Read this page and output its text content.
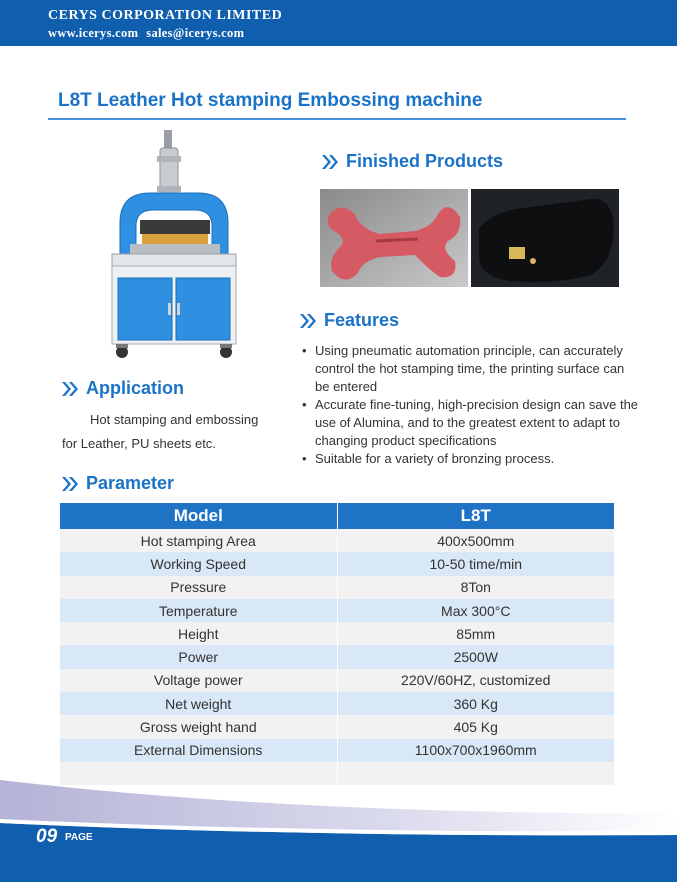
CERYS CORPORATION LIMITED
www.icerys.com sales@icerys.com
L8T Leather Hot stamping Embossing machine
Finished Products
Features
• Using pneumatic automation principle, can accurately control the hot stamping time, the printing surface can be entered
• Accurate fine-tuning, high-precision design can save the use of Alumina, and to the greatest extent to adapt to changing product specifications
• Suitable for a variety of bronzing process.
Application
Hot stamping and embossing
for Leather, PU sheets etc.
Parameter
Model	L8T
Hot stamping Area	400x500mm
Working Speed	10-50 time/min
Pressure	8Ton
Temperature	Max 300°C
Height	85mm
Power	2500W
Voltage power	220V/60HZ, customized
Net weight	360 Kg
Gross weight hand	405 Kg
External Dimensions	1100x700x1960mm

09 PAGE
